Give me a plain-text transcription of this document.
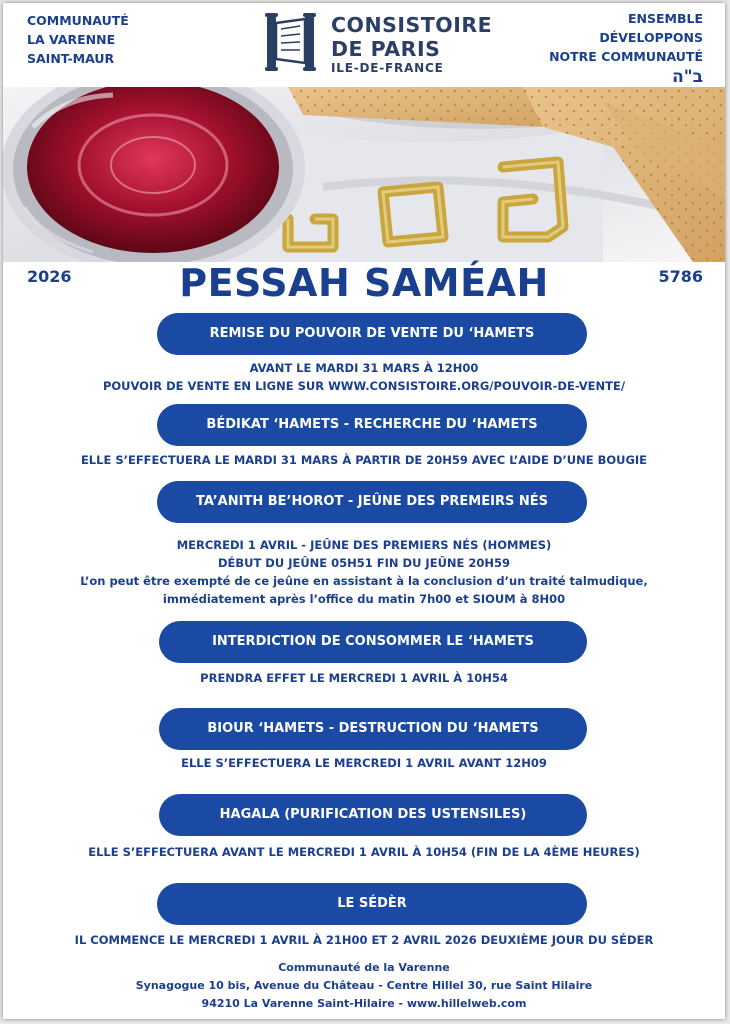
COMMUNAUTÉ
LA VARENNE
SAINT-MAUR
CONSISTOIRE
DE PARIS
ILE-DE-FRANCE
ENSEMBLE
DÉVELOPPONS
NOTRE COMMUNAUTÉ
ב"ה
2026	PESSAH SAMÉAH	5786
REMISE DU POUVOIR DE VENTE DU ‘HAMETS
AVANT LE MARDI 31 MARS À 12H00
POUVOIR DE VENTE EN LIGNE SUR WWW.CONSISTOIRE.ORG/POUVOIR-DE-VENTE/
BÉDIKAT ‘HAMETS - RECHERCHE DU ‘HAMETS
ELLE S’EFFECTUERA LE MARDI 31 MARS À PARTIR DE 20H59 AVEC L’AIDE D’UNE BOUGIE
TA’ANITH BE’HOROT - JEÛNE DES PREMEIRS NÉS
MERCREDI 1 AVRIL - JEÛNE DES PREMIERS NÉS (HOMMES)
DÉBUT DU JEÛNE 05H51 FIN DU JEÛNE 20H59
L’on peut être exempté de ce jeûne en assistant à la conclusion d’un traité talmudique,
immédiatement après l’office du matin 7h00 et SIOUM à 8H00
INTERDICTION DE CONSOMMER LE ‘HAMETS
PRENDRA EFFET LE MERCREDI 1 AVRIL À 10H54
BIOUR ‘HAMETS - DESTRUCTION DU ‘HAMETS
ELLE S’EFFECTUERA LE MERCREDI 1 AVRIL AVANT 12H09
HAGALA (PURIFICATION DES USTENSILES)
ELLE S’EFFECTUERA AVANT LE MERCREDI 1 AVRIL À 10H54 (FIN DE LA 4ÈME HEURES)
LE SÉDÈR
IL COMMENCE LE MERCREDI 1 AVRIL À 21H00 ET 2 AVRIL 2026 DEUXIÈME JOUR DU SÉDER
Communauté de la Varenne
Synagogue 10 bis, Avenue du Château - Centre Hillel 30, rue Saint Hilaire
94210 La Varenne Saint-Hilaire - www.hillelweb.com
